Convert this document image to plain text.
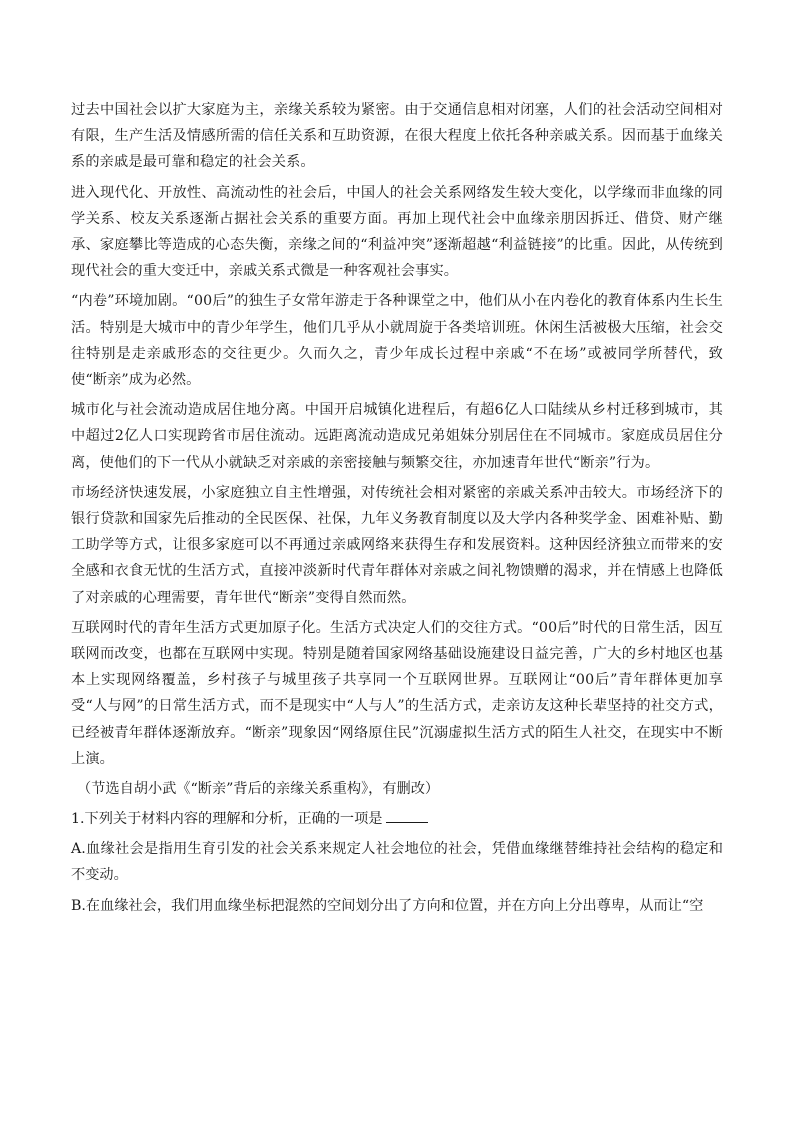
过去中国社会以扩大家庭为主，亲缘关系较为紧密。由于交通信息相对闭塞，人们的社会活动空间相对有限，生产生活及情感所需的信任关系和互助资源，在很大程度上依托各种亲戚关系。因而基于血缘关系的亲戚是最可靠和稳定的社会关系。

进入现代化、开放性、高流动性的社会后，中国人的社会关系网络发生较大变化，以学缘而非血缘的同学关系、校友关系逐渐占据社会关系的重要方面。再加上现代社会中血缘亲朋因拆迁、借贷、财产继承、家庭攀比等造成的心态失衡，亲缘之间的“利益冲突”逐渐超越“利益链接”的比重。因此，从传统到现代社会的重大变迁中，亲戚关系式微是一种客观社会事实。

“内卷”环境加剧。“00后”的独生子女常年游走于各种课堂之中，他们从小在内卷化的教育体系内生长生活。特别是大城市中的青少年学生，他们几乎从小就周旋于各类培训班。休闲生活被极大压缩，社会交往特别是走亲戚形态的交往更少。久而久之，青少年成长过程中亲戚“不在场”或被同学所替代，致使“断亲”成为必然。

城市化与社会流动造成居住地分离。中国开启城镇化进程后，有超6亿人口陆续从乡村迁移到城市，其中超过2亿人口实现跨省市居住流动。远距离流动造成兄弟姐妹分别居住在不同城市。家庭成员居住分离，使他们的下一代从小就缺乏对亲戚的亲密接触与频繁交往，亦加速青年世代“断亲”行为。

市场经济快速发展，小家庭独立自主性增强，对传统社会相对紧密的亲戚关系冲击较大。市场经济下的银行贷款和国家先后推动的全民医保、社保，九年义务教育制度以及大学内各种奖学金、困难补贴、勤工助学等方式，让很多家庭可以不再通过亲戚网络来获得生存和发展资料。这种因经济独立而带来的安全感和衣食无忧的生活方式，直接冲淡新时代青年群体对亲戚之间礼物馈赠的渴求，并在情感上也降低了对亲戚的心理需要，青年世代“断亲”变得自然而然。

互联网时代的青年生活方式更加原子化。生活方式决定人们的交往方式。“00后”时代的日常生活，因互联网而改变，也都在互联网中实现。特别是随着国家网络基础设施建设日益完善，广大的乡村地区也基本上实现网络覆盖，乡村孩子与城里孩子共享同一个互联网世界。互联网让“00后”青年群体更加享受“人与网”的日常生活方式，而不是现实中“人与人”的生活方式，走亲访友这种长辈坚持的社交方式，已经被青年群体逐渐放弃。“断亲”现象因“网络原住民”沉溺虚拟生活方式的陌生人社交，在现实中不断上演。

（节选自胡小武《“断亲”背后的亲缘关系重构》，有删改）
1.下列关于材料内容的理解和分析，正确的一项是
A.血缘社会是指用生育引发的社会关系来规定人社会地位的社会，凭借血缘继替维持社会结构的稳定和不变动。
B.在血缘社会，我们用血缘坐标把混然的空间划分出了方向和位置，并在方向上分出尊卑，从而让“空
